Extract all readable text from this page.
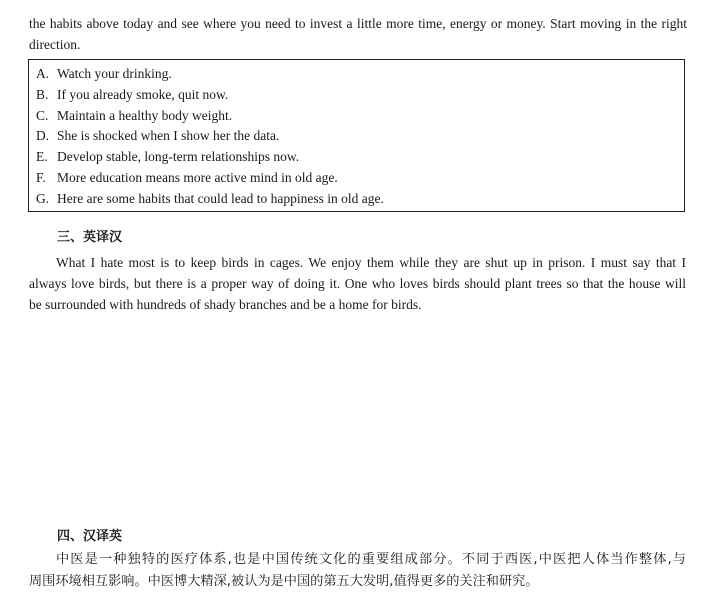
the habits above today and see where you need to invest a little more time, energy or money. Start moving in the right
direction.
A. Watch your drinking.
B. If you already smoke, quit now.
C. Maintain a healthy body weight.
D. She is shocked when I show her the data.
E. Develop stable, long-term relationships now.
F. More education means more active mind in old age.
G. Here are some habits that could lead to happiness in old age.
三、英译汉
What I hate most is to keep birds in cages. We enjoy them while they are shut up in prison. I must say that I
always love birds, but there is a proper way of doing it. One who loves birds should plant trees so that the house will
be surrounded with hundreds of shady branches and be a home for birds.
四、汉译英
中医是一种独特的医疗体系,也是中国传统文化的重要组成部分。不同于西医,中医把人体当作整体,与
周围环境相互影响。中医博大精深,被认为是中国的第五大发明,值得更多的关注和研究。
